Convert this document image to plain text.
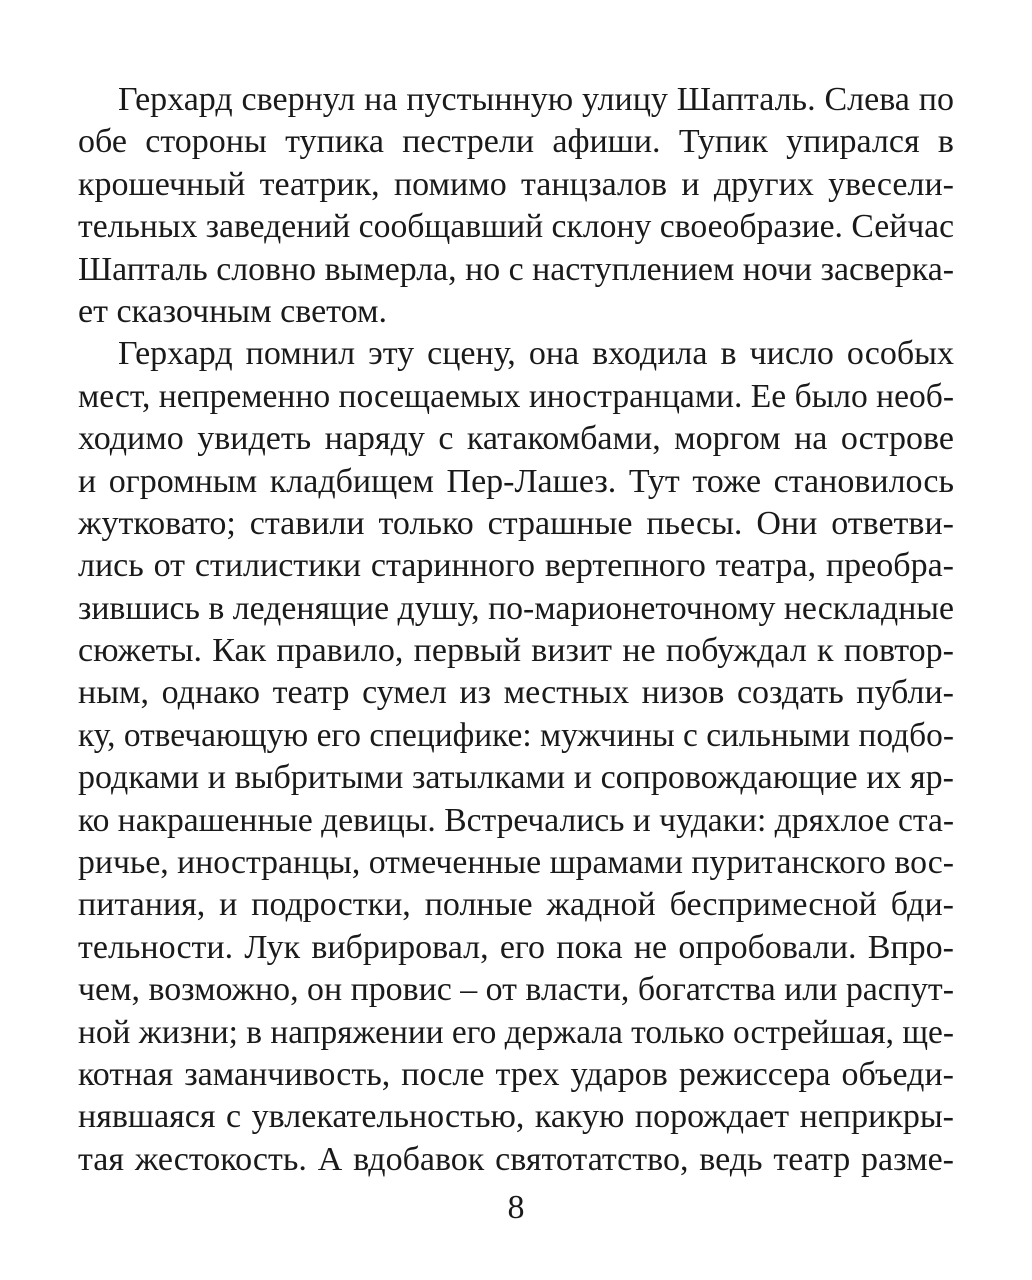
Герхард свернул на пустынную улицу Шапталь. Слева по
обе стороны тупика пестрели афиши. Тупик упирался в
крошечный театрик, помимо танцзалов и других увесели-
тельных заведений сообщавший склону своеобразие. Сейчас
Шапталь словно вымерла, но с наступлением ночи засверка-
ет сказочным светом.
Герхард помнил эту сцену, она входила в число особых
мест, непременно посещаемых иностранцами. Ее было необ-
ходимо увидеть наряду с катакомбами, моргом на острове
и огромным кладбищем Пер-Лашез. Тут тоже становилось
жутковато; ставили только страшные пьесы. Они ответви-
лись от стилистики старинного вертепного театра, преобра-
зившись в леденящие душу, по-марионеточному нескладные
сюжеты. Как правило, первый визит не побуждал к повтор-
ным, однако театр сумел из местных низов создать публи-
ку, отвечающую его специфике: мужчины с сильными подбо-
родками и выбритыми затылками и сопровождающие их яр-
ко накрашенные девицы. Встречались и чудаки: дряхлое ста-
ричье, иностранцы, отмеченные шрамами пуританского вос-
питания, и подростки, полные жадной беспримесной бди-
тельности. Лук вибрировал, его пока не опробовали. Впро-
чем, возможно, он провис – от власти, богатства или распут-
ной жизни; в напряжении его держала только острейшая, ще-
котная заманчивость, после трех ударов режиссера объеди-
нявшаяся с увлекательностью, какую порождает неприкры-
тая жестокость. А вдобавок святотатство, ведь театр разме-
8
